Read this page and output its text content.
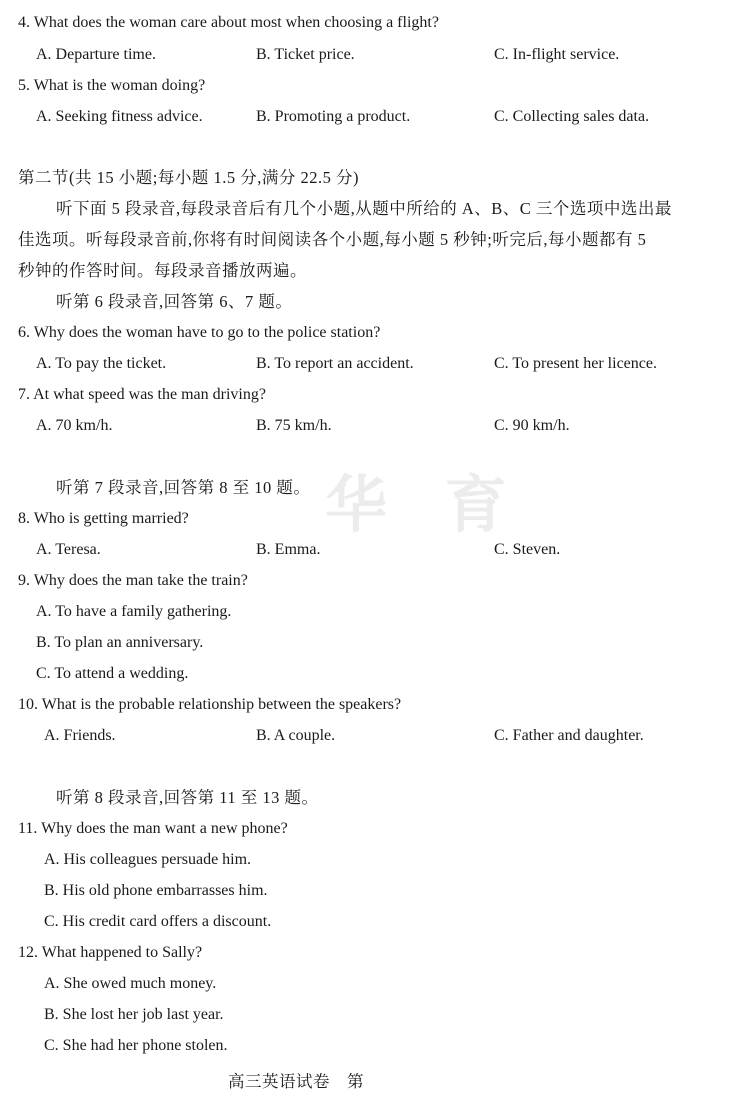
华 育
4. What does the woman care about most when choosing a flight?
A. Departure time.	B. Ticket price.	C. In-flight service.
5. What is the woman doing?
A. Seeking fitness advice.	B. Promoting a product.	C. Collecting sales data.
第二节(共 15 小题;每小题 1.5 分,满分 22.5 分)
听下面 5 段录音,每段录音后有几个小题,从题中所给的 A、B、C 三个选项中选出最
佳选项。听每段录音前,你将有时间阅读各个小题,每小题 5 秒钟;听完后,每小题都有 5
秒钟的作答时间。每段录音播放两遍。
听第 6 段录音,回答第 6、7 题。
6. Why does the woman have to go to the police station?
A. To pay the ticket.	B. To report an accident.	C. To present her licence.
7. At what speed was the man driving?
A. 70 km/h.	B. 75 km/h.	C. 90 km/h.
听第 7 段录音,回答第 8 至 10 题。
8. Who is getting married?
A. Teresa.	B. Emma.	C. Steven.
9. Why does the man take the train?
A. To have a family gathering.
B. To plan an anniversary.
C. To attend a wedding.
10. What is the probable relationship between the speakers?
A. Friends.	B. A couple.	C. Father and daughter.
听第 8 段录音,回答第 11 至 13 题。
11. Why does the man want a new phone?
A. His colleagues persuade him.
B. His old phone embarrasses him.
C. His credit card offers a discount.
12. What happened to Sally?
A. She owed much money.
B. She lost her job last year.
C. She had her phone stolen.
高三英语试卷　第
